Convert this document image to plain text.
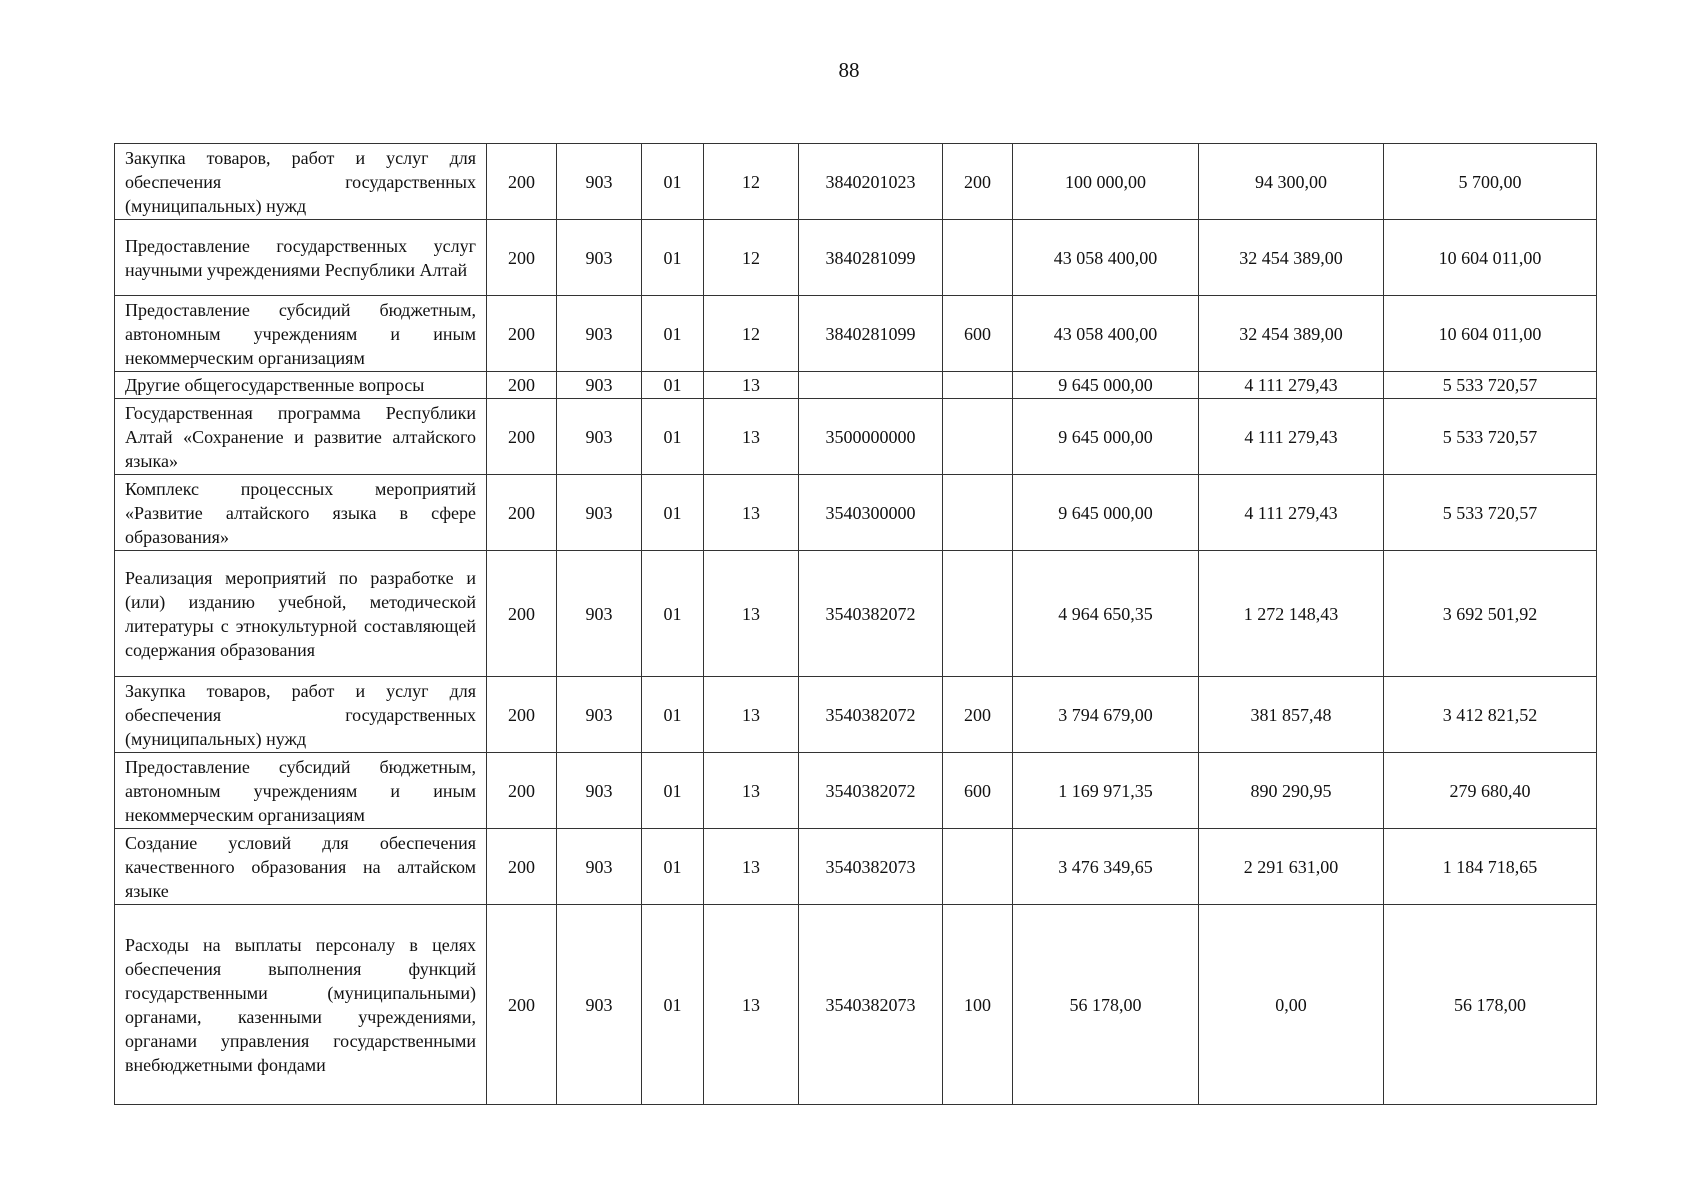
88
Закупка товаров, работ и услуг для обеспечения государственных (муниципальных) нужд	200	903	01	12	3840201023	200	100 000,00	94 300,00	5 700,00
Предоставление государственных услуг научными учреждениями Республики Алтай	200	903	01	12	3840281099		43 058 400,00	32 454 389,00	10 604 011,00
Предоставление субсидий бюджетным, автономным учреждениям и иным некоммерческим организациям	200	903	01	12	3840281099	600	43 058 400,00	32 454 389,00	10 604 011,00
Другие общегосударственные вопросы	200	903	01	13			9 645 000,00	4 111 279,43	5 533 720,57
Государственная программа Республики Алтай «Сохранение и развитие алтайского языка»	200	903	01	13	3500000000		9 645 000,00	4 111 279,43	5 533 720,57
Комплекс процессных мероприятий «Развитие алтайского языка в сфере образования»	200	903	01	13	3540300000		9 645 000,00	4 111 279,43	5 533 720,57
Реализация мероприятий по разработке и (или) изданию учебной, методической литературы с этнокультурной составляющей содержания образования	200	903	01	13	3540382072		4 964 650,35	1 272 148,43	3 692 501,92
Закупка товаров, работ и услуг для обеспечения государственных (муниципальных) нужд	200	903	01	13	3540382072	200	3 794 679,00	381 857,48	3 412 821,52
Предоставление субсидий бюджетным, автономным учреждениям и иным некоммерческим организациям	200	903	01	13	3540382072	600	1 169 971,35	890 290,95	279 680,40
Создание условий для обеспечения качественного образования на алтайском языке	200	903	01	13	3540382073		3 476 349,65	2 291 631,00	1 184 718,65
Расходы на выплаты персоналу в целях обеспечения выполнения функций государственными (муниципальными) органами, казенными учреждениями, органами управления государственными внебюджетными фондами	200	903	01	13	3540382073	100	56 178,00	0,00	56 178,00
